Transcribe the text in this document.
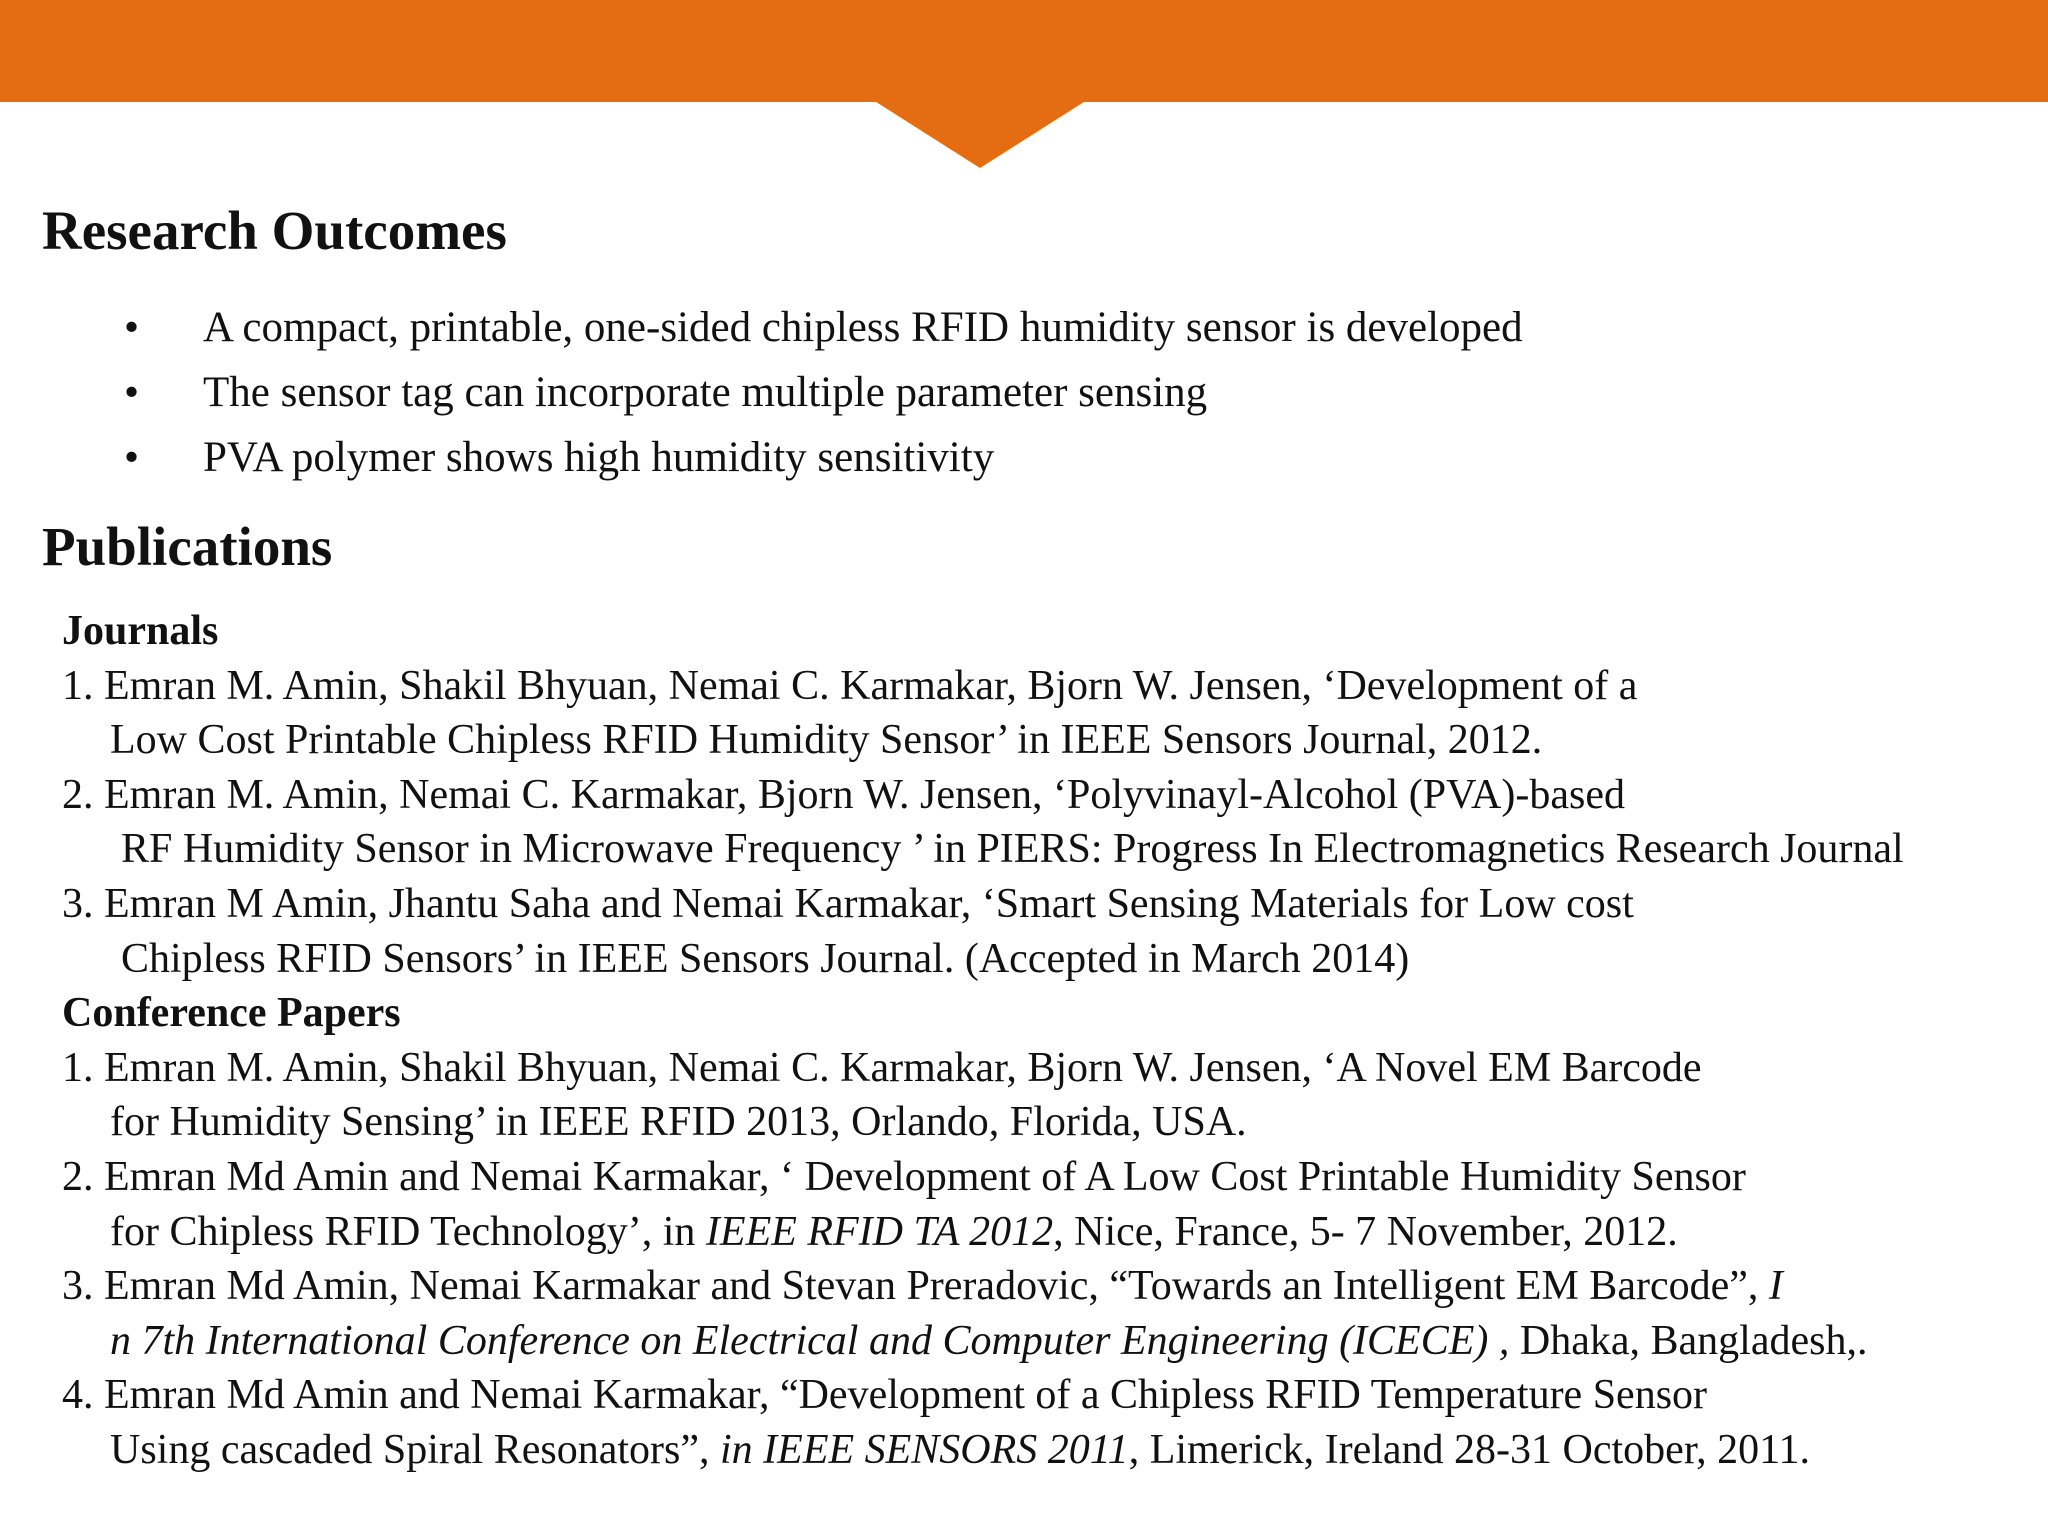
Research Outcomes
• A compact, printable, one-sided chipless RFID humidity sensor is developed
• The sensor tag can incorporate multiple parameter sensing
• PVA polymer shows high humidity sensitivity
Publications
Journals
1. Emran M. Amin, Shakil Bhyuan, Nemai C. Karmakar, Bjorn W. Jensen, ‘Development of a
Low Cost Printable Chipless RFID Humidity Sensor’ in IEEE Sensors Journal, 2012.
2. Emran M. Amin, Nemai C. Karmakar, Bjorn W. Jensen, ‘Polyvinayl-Alcohol (PVA)-based
RF Humidity Sensor in Microwave Frequency ’ in PIERS: Progress In Electromagnetics Research Journal
3. Emran M Amin, Jhantu Saha and Nemai Karmakar, ‘Smart Sensing Materials for Low cost
Chipless RFID Sensors’ in IEEE Sensors Journal. (Accepted in March 2014)
Conference Papers
1. Emran M. Amin, Shakil Bhyuan, Nemai C. Karmakar, Bjorn W. Jensen, ‘A Novel EM Barcode
for Humidity Sensing’ in IEEE RFID 2013, Orlando, Florida, USA.
2. Emran Md Amin and Nemai Karmakar, ‘ Development of A Low Cost Printable Humidity Sensor
for Chipless RFID Technology’, in IEEE RFID TA 2012, Nice, France, 5- 7 November, 2012.
3. Emran Md Amin, Nemai Karmakar and Stevan Preradovic, “Towards an Intelligent EM Barcode”, I
n 7th International Conference on Electrical and Computer Engineering (ICECE) , Dhaka, Bangladesh,.
4. Emran Md Amin and Nemai Karmakar, “Development of a Chipless RFID Temperature Sensor
Using cascaded Spiral Resonators”, in IEEE SENSORS 2011, Limerick, Ireland 28-31 October, 2011.
